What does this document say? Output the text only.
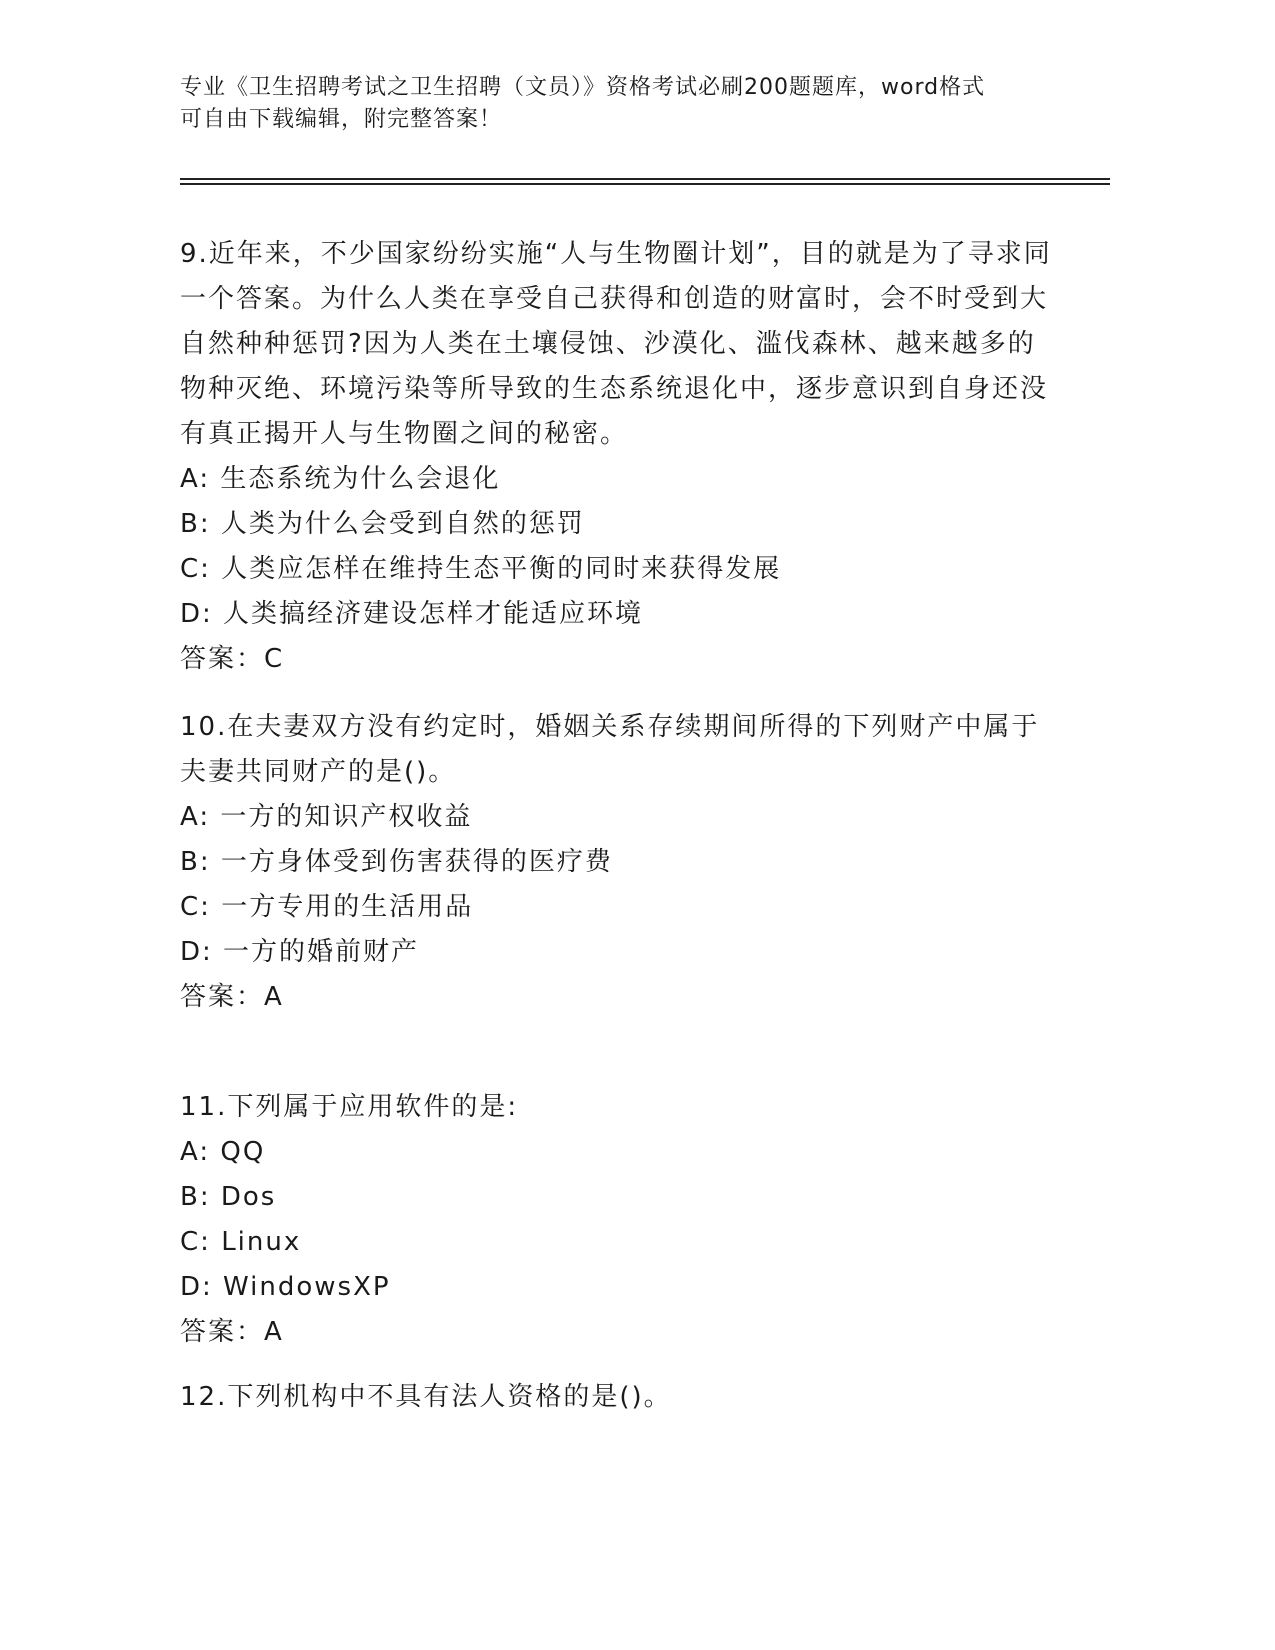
专业《卫生招聘考试之卫生招聘（文员）》资格考试必刷200题题库，word格式
可自由下载编辑，附完整答案！

9.近年来，不少国家纷纷实施“人与生物圈计划”，目的就是为了寻求同一个答案。为什么人类在享受自己获得和创造的财富时，会不时受到大自然种种惩罚?因为人类在土壤侵蚀、沙漠化、滥伐森林、越来越多的物种灭绝、环境污染等所导致的生态系统退化中，逐步意识到自身还没有真正揭开人与生物圈之间的秘密。

A: 生态系统为什么会退化

B: 人类为什么会受到自然的惩罚

C: 人类应怎样在维持生态平衡的同时来获得发展

D: 人类搞经济建设怎样才能适应环境

答案：C

10.在夫妻双方没有约定时，婚姻关系存续期间所得的下列财产中属于夫妻共同财产的是()。

A: 一方的知识产权收益

B: 一方身体受到伤害获得的医疗费

C: 一方专用的生活用品

D: 一方的婚前财产

答案：A

11.下列属于应用软件的是:

A: QQ

B: Dos

C: Linux

D: WindowsXP

答案：A

12.下列机构中不具有法人资格的是()。
